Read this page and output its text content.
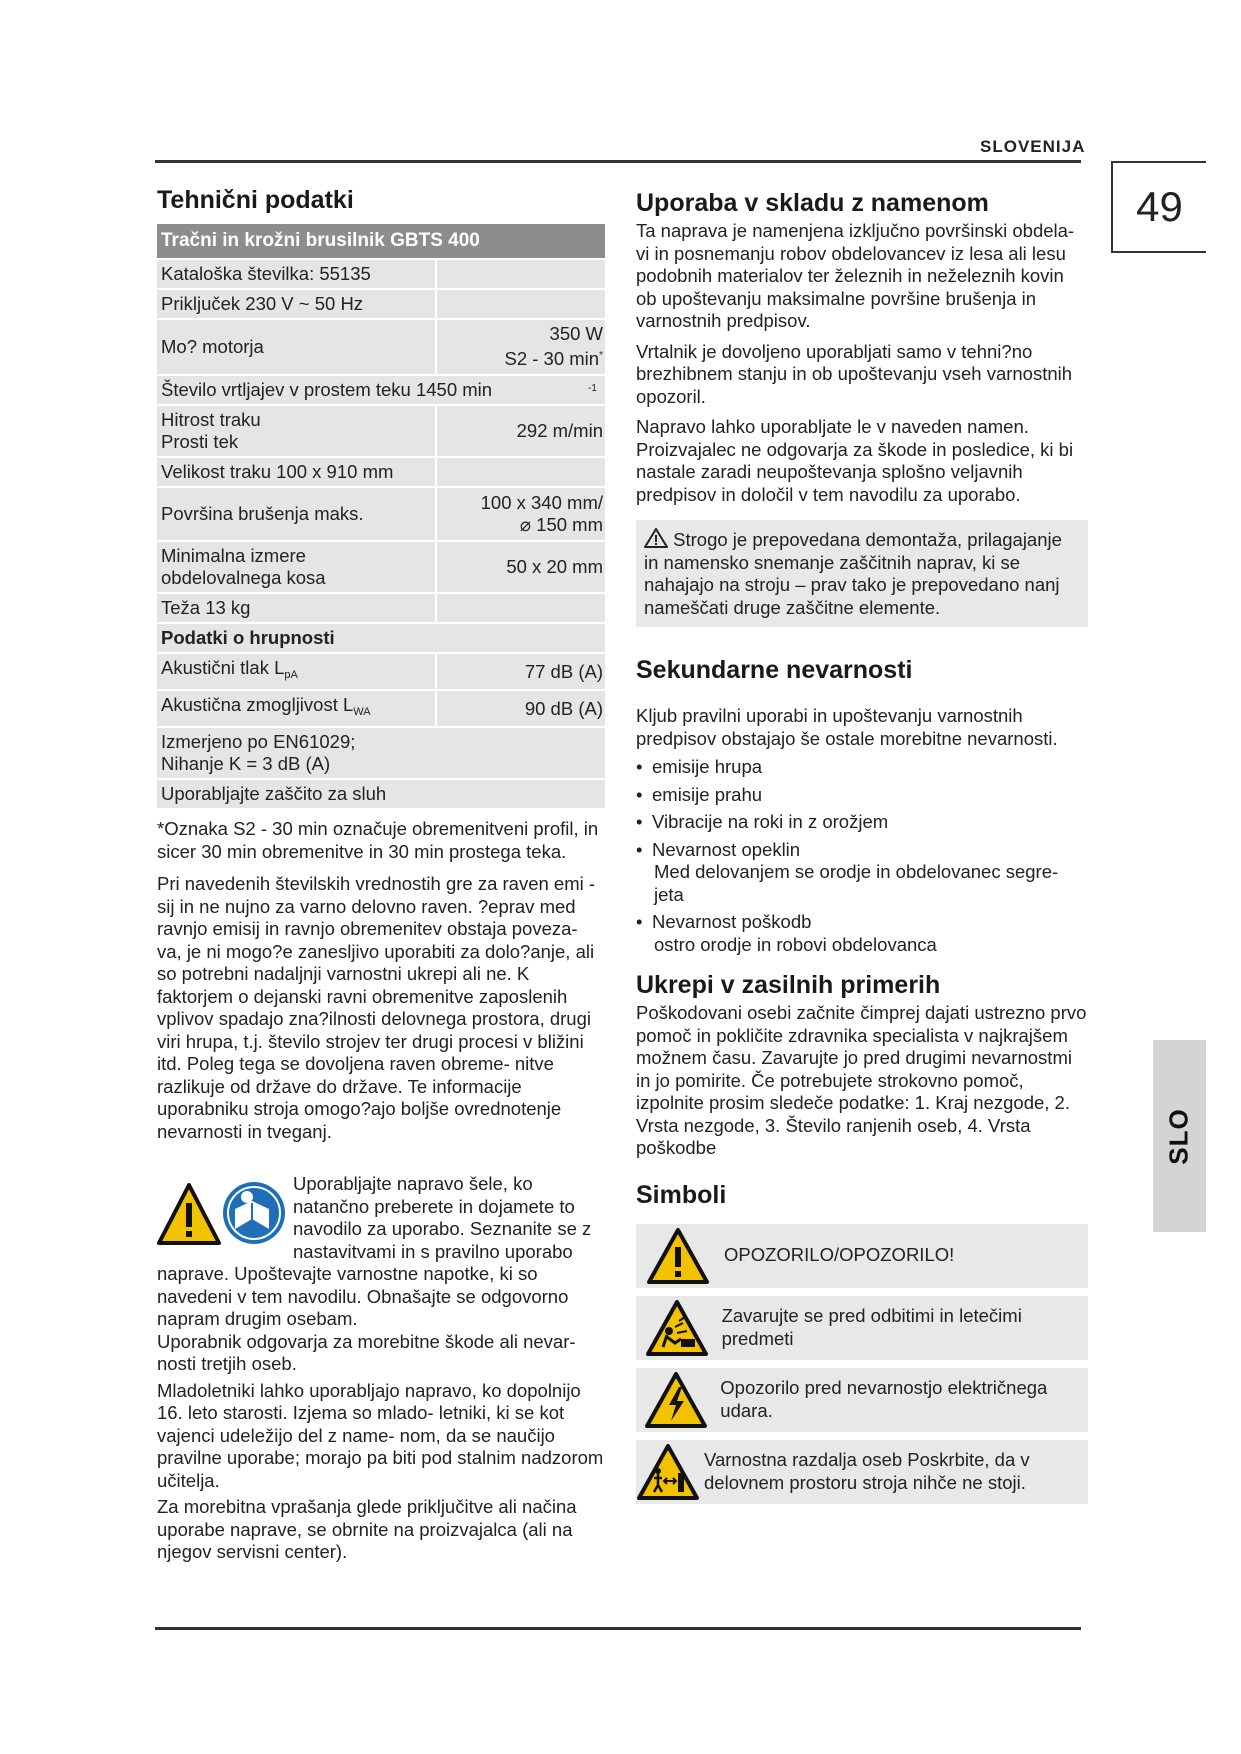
SLOVENIJA
49
SLO
Tehnični podatki
Tračni in krožni brusilnik GBTS 400	
Kataloška številka: 55135	
Priključek 230 V ~ 50 Hz	
Mo? motorja	350 W
S2 - 30 min*
Število vrtljajev v prostem teku 1450 min -1	

Hitrost traku
Prosti tek	292 m/min
Velikost traku 100 x 910 mm	
Površina brušenja maks.	100 x 340 mm/
⌀ 150 mm
Minimalna izmere
obdelovalnega kosa	50 x 20 mm
Teža 13 kg	
Podatki o hrupnosti	
Akustični tlak $L_{pA}$	77 dB (A)
Akustična zmogljivost $L_{WA}$	90 dB (A)
Izmerjeno po EN61029;
Nihanje K = 3 dB (A)	
Uporabljajte zaščito za sluh	

*Oznaka S2 - 30 min označuje obremenitveni profil, in sicer 30 min obremenitve in 30 min prostega teka.

Pri navedenih številskih vrednostih gre za raven emi - sij in ne nujno za varno delovno raven. ?eprav med ravnjo emisij in ravnjo obremenitev obstaja poveza- va, je ni mogo?e zanesljivo uporabiti za dolo?anje, ali so potrebni nadaljnji varnostni ukrepi ali ne. K faktorjem o dejanski ravni obremenitve zaposlenih vplivov spadajo zna?ilnosti delovnega prostora, drugi viri hrupa, t.j. število strojev ter drugi procesi v bližini itd. Poleg tega se dovoljena raven obreme- nitve razlikuje od države do države. Te informacije uporabniku stroja omogo?ajo boljše ovrednotenje nevarnosti in tveganj.

Uporabljajte napravo šele, ko natančno preberete in dojamete to navodilo za uporabo. Seznanite se z nastavitvami in s pravilno uporabo naprave. Upoštevajte varnostne napotke, ki so navedeni v tem navodilu. Obnašajte se odgovorno napram drugim osebam.

Uporabnik odgovarja za morebitne škode ali nevar- nosti tretjih oseb.

Mladoletniki lahko uporabljajo napravo, ko dopolnijo 16. leto starosti. Izjema so mlado- letniki, ki se kot vajenci udeležijo del z name- nom, da se naučijo pravilne uporabe; morajo pa biti pod stalnim nadzorom učitelja.

Za morebitna vprašanja glede priključitve ali načina uporabe naprave, se obrnite na proizvajalca (ali na njegov servisni center).

Uporaba v skladu z namenom

Ta naprava je namenjena izključno površinski obdela- vi in posnemanju robov obdelovancev iz lesa ali lesu podobnih materialov ter železnih in neželeznih kovin ob upoštevanju maksimalne površine brušenja in varnostnih predpisov.

Vrtalnik je dovoljeno uporabljati samo v tehni?no brezhibnem stanju in ob upoštevanju vseh varnostnih opozoril.

Napravo lahko uporabljate le v naveden namen. Proizvajalec ne odgovarja za škode in posledice, ki bi nastale zaradi neupoštevanja splošno veljavnih predpisov in določil v tem navodilu za uporabo.

Strogo je prepovedana demontaža, prilagajanje in namensko snemanje zaščitnih naprav, ki se nahajajo na stroju – prav tako je prepovedano nanj nameščati druge zaščitne elemente.
Sekundarne nevarnosti

Kljub pravilni uporabi in upoštevanju varnostnih predpisov obstajajo še ostale morebitne nevarnosti.

• emisije hrupa
• emisije prahu
• Vibracije na roki in z orožjem
• Nevarnost opeklin
Med delovanjem se orodje in obdelovanec segre- jeta
• Nevarnost poškodb
ostro orodje in robovi obdelovanca
Ukrepi v zasilnih primerih

Poškodovani osebi začnite čimprej dajati ustrezno prvo pomoč in pokličite zdravnika specialista v najkrajšem možnem času. Zavarujte jo pred drugimi nevarnostmi in jo pomirite. Če potrebujete strokovno pomoč, izpolnite prosim sledeče podatke: 1. Kraj nezgode, 2. Vrsta nezgode, 3. Število ranjenih oseb, 4. Vrsta poškodbe

Simboli
OPOZORILO/OPOZORILO!
Zavarujte se pred odbitimi in letečimi predmeti
Opozorilo pred nevarnostjo električnega udara.
Varnostna razdalja oseb Poskrbite, da v delovnem prostoru stroja nihče ne stoji.
